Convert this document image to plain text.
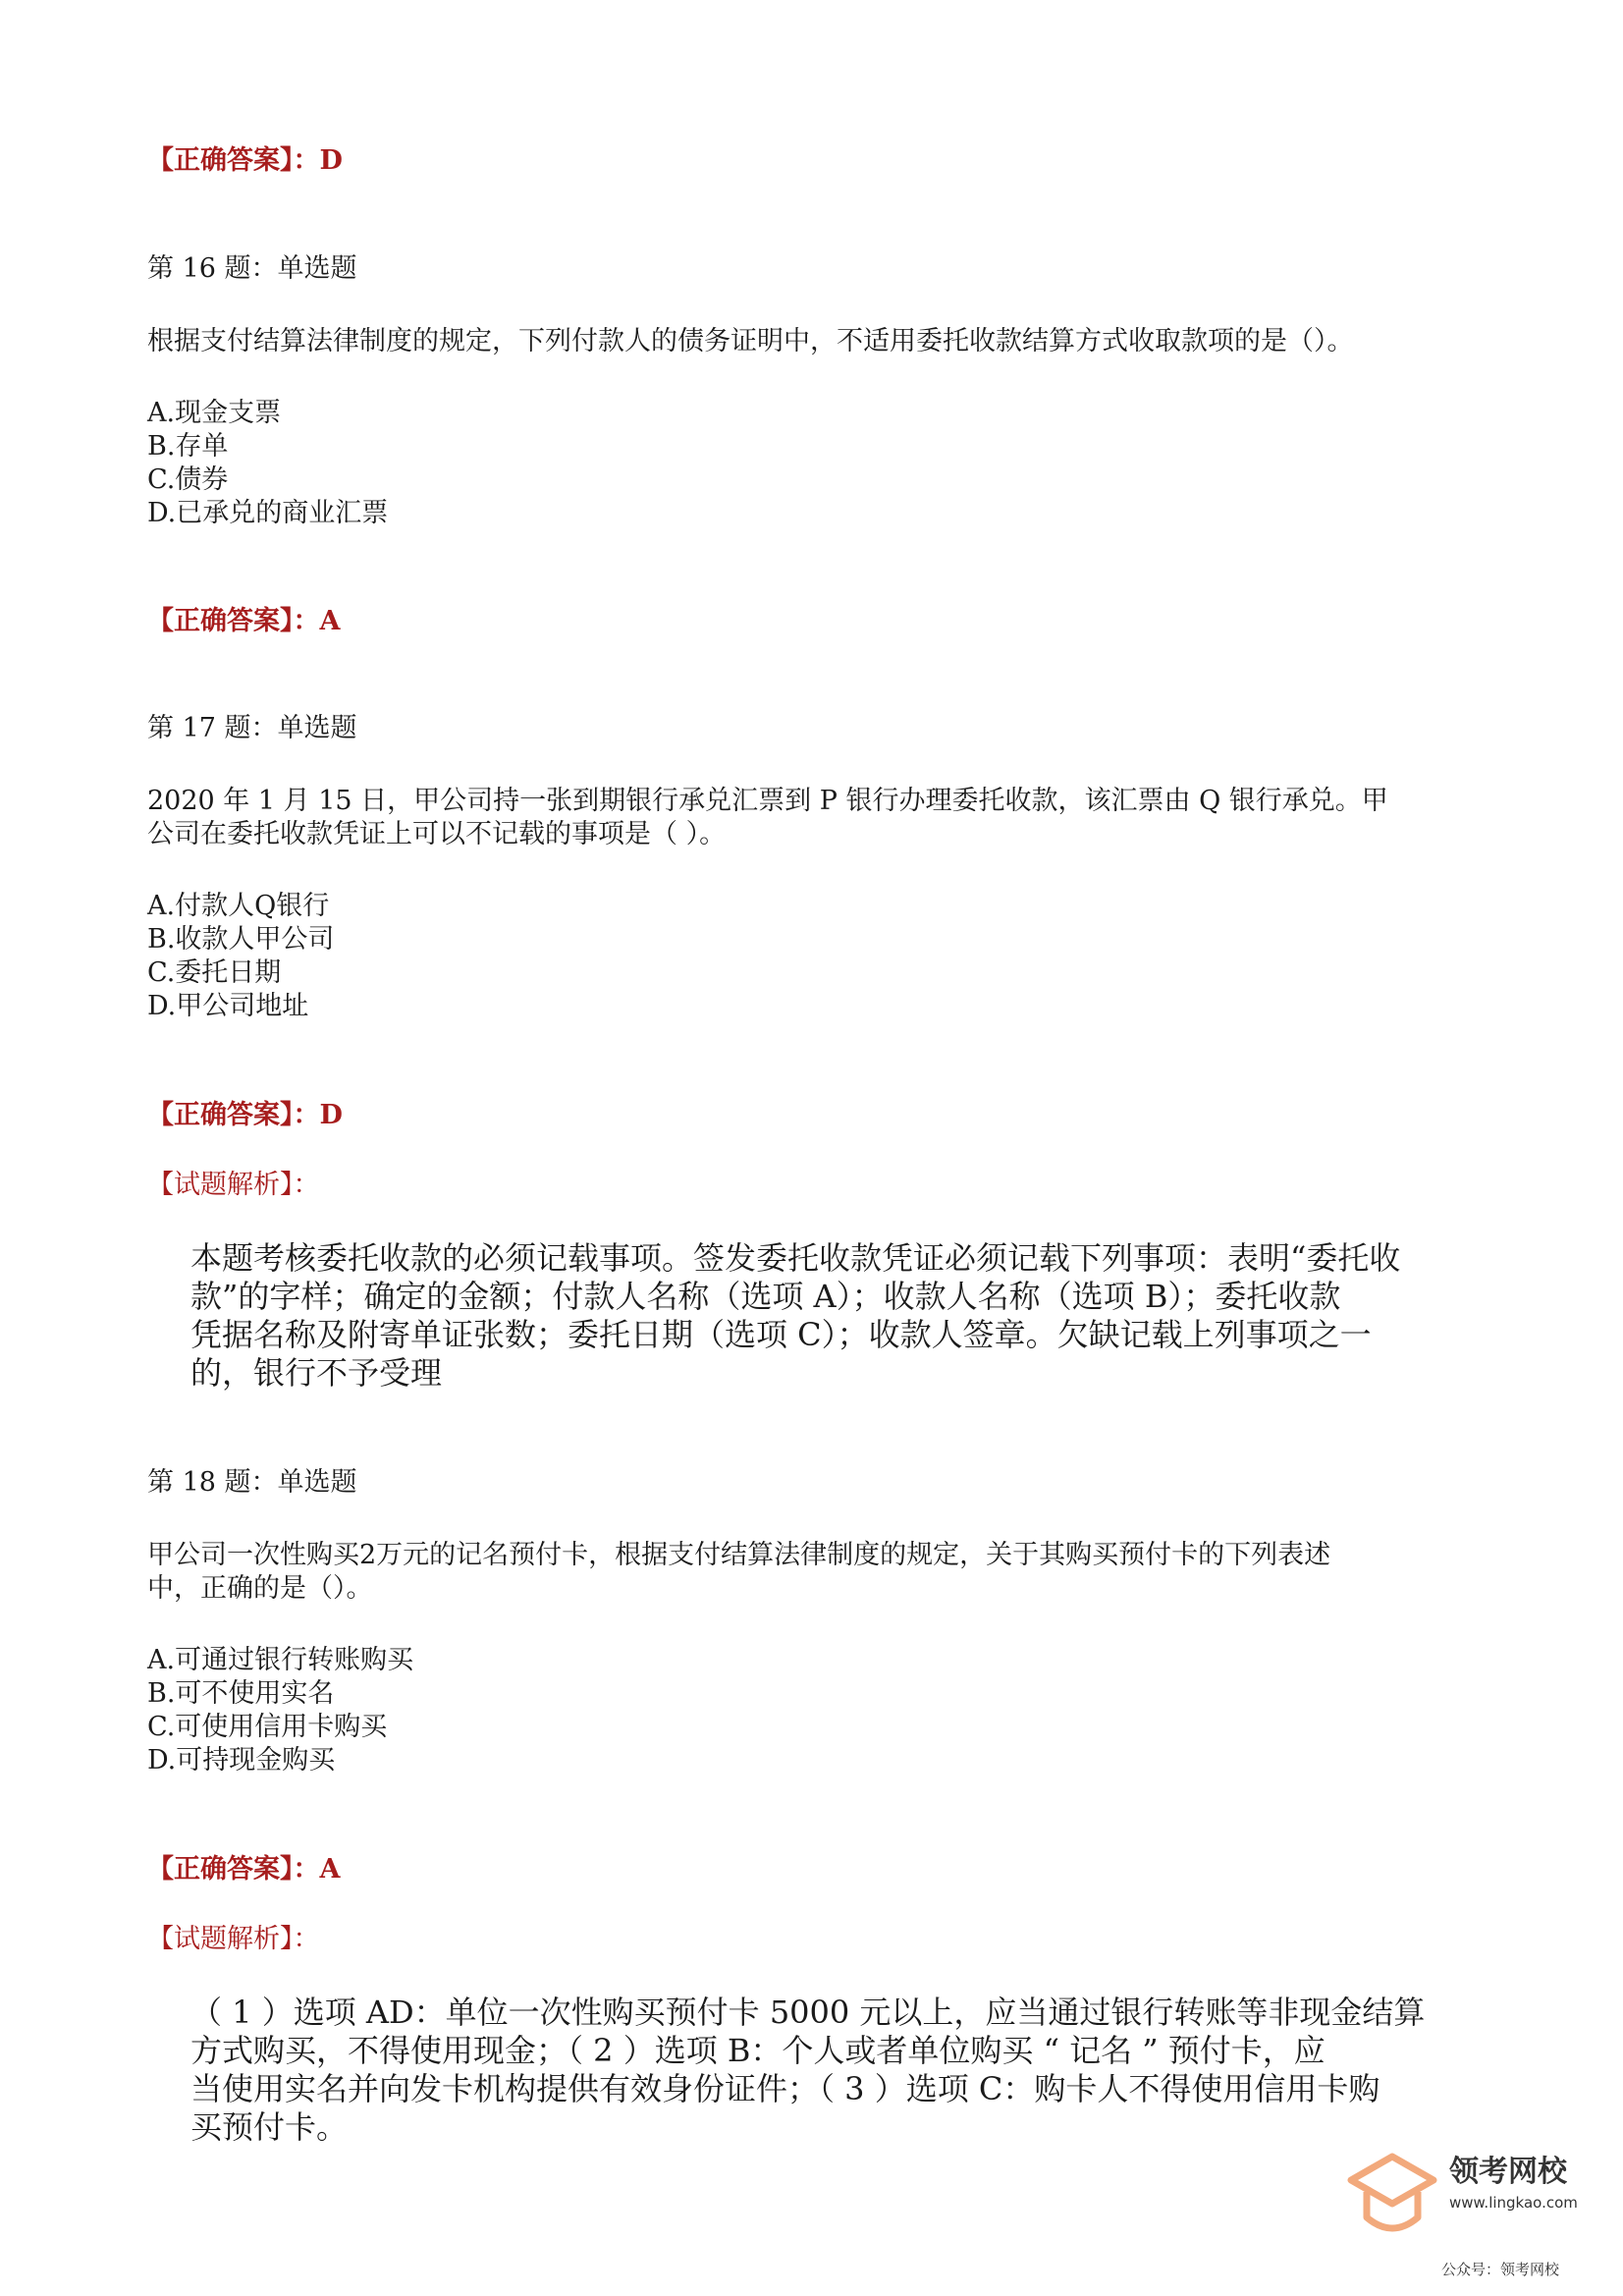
【正确答案】：D
第 16 题：单选题
根据支付结算法律制度的规定，下列付款人的债务证明中，不适用委托收款结算方式收取款项的是（）。
A.现金支票
B.存单
C.债券
D.已承兑的商业汇票
【正确答案】：A
第 17 题：单选题
2020 年 1 月 15 日，甲公司持一张到期银行承兑汇票到 P 银行办理委托收款，该汇票由 Q 银行承兑。甲
公司在委托收款凭证上可以不记载的事项是（ ）。
A.付款人Q银行
B.收款人甲公司
C.委托日期
D.甲公司地址
【正确答案】：D
【试题解析】：
本题考核委托收款的必须记载事项。签发委托收款凭证必须记载下列事项：表明“委托收
款”的字样；确定的金额；付款人名称（选项 A）；收款人名称（选项 B）；委托收款
凭据名称及附寄单证张数；委托日期（选项 C）；收款人签章。欠缺记载上列事项之一
的，银行不予受理
第 18 题：单选题
甲公司一次性购买2万元的记名预付卡，根据支付结算法律制度的规定，关于其购买预付卡的下列表述
中，正确的是（）。
A.可通过银行转账购买
B.可不使用实名
C.可使用信用卡购买
D.可持现金购买
【正确答案】：A
【试题解析】：
（ 1 ）选项 AD：单位一次性购买预付卡 5000 元以上，应当通过银行转账等非现金结算
方式购买，不得使用现金；（ 2 ）选项 B：个人或者单位购买 “ 记名 ” 预付卡，应
当使用实名并向发卡机构提供有效身份证件；（ 3 ）选项 C：购卡人不得使用信用卡购
买预付卡。
领考网校
www.lingkao.com
公众号：领考网校
